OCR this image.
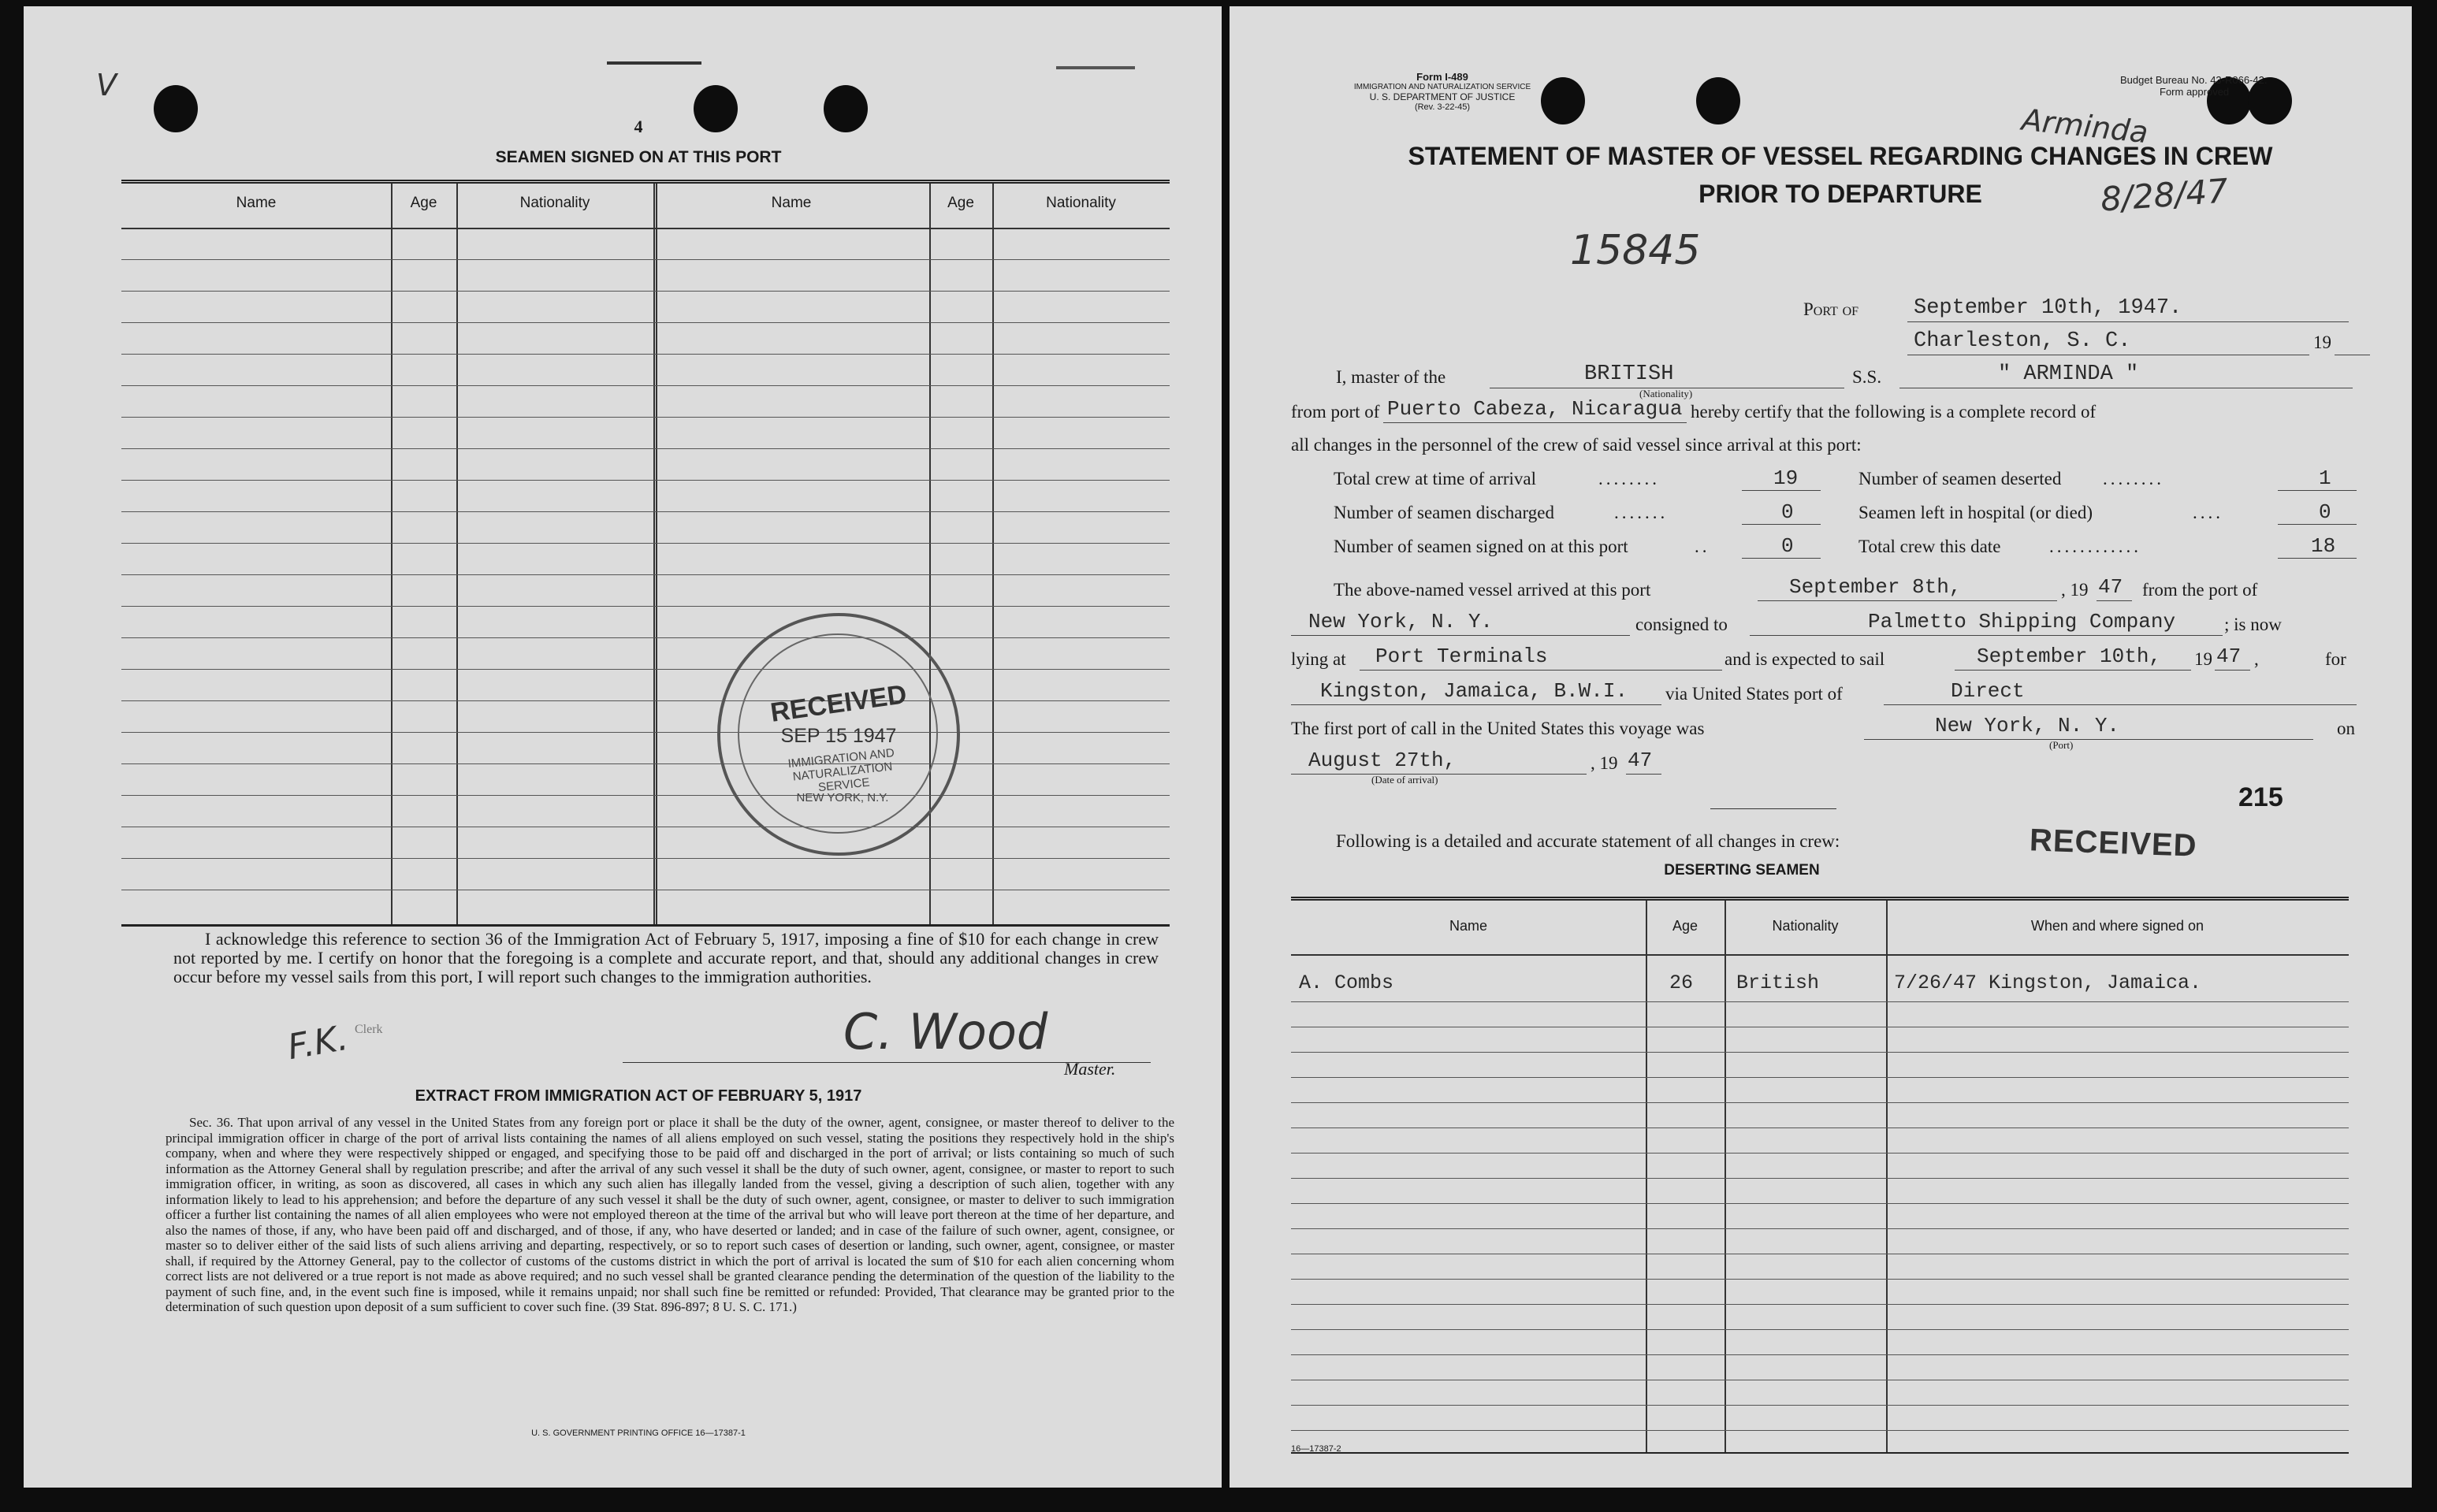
V
4
SEAMEN SIGNED ON AT THIS PORT
Name	Age	Nationality	Name	Age	Nationality
RECEIVED
SEP 15 1947
IMMIGRATION AND NATURALIZATION SERVICE
NEW YORK, N.Y.
I acknowledge this reference to section 36 of the Immigration Act of February 5, 1917, imposing a fine of $10 for each change in crew not reported by me. I certify on honor that the foregoing is a complete and accurate report, and that, should any additional changes in crew occur before my vessel sails from this port, I will report such changes to the immigration authorities.
F.K. Clerk	C. Wood
Master.
EXTRACT FROM IMMIGRATION ACT OF FEBRUARY 5, 1917
Sec. 36. That upon arrival of any vessel in the United States from any foreign port or place it shall be the duty of the owner, agent, consignee, or master thereof to deliver to the principal immigration officer in charge of the port of arrival lists containing the names of all aliens employed on such vessel, stating the positions they respectively hold in the ship's company, when and where they were respectively shipped or engaged, and specifying those to be paid off and discharged in the port of arrival; or lists containing so much of such information as the Attorney General shall by regulation prescribe; and after the arrival of any such vessel it shall be the duty of such owner, agent, consignee, or master to report to such immigration officer, in writing, as soon as discovered, all cases in which any such alien has illegally landed from the vessel, giving a description of such alien, together with any information likely to lead to his apprehension; and before the departure of any such vessel it shall be the duty of such owner, agent, consignee, or master to deliver to such immigration officer a further list containing the names of all alien employees who were not employed thereon at the time of the arrival but who will leave port thereon at the time of her departure, and also the names of those, if any, who have been paid off and discharged, and of those, if any, who have deserted or landed; and in case of the failure of such owner, agent, consignee, or master so to deliver either of the said lists of such aliens arriving and departing, respectively, or so to report such cases of desertion or landing, such owner, agent, consignee, or master shall, if required by the Attorney General, pay to the collector of customs of the customs district in which the port of arrival is located the sum of $10 for each alien concerning whom correct lists are not delivered or a true report is not made as above required; and no such vessel shall be granted clearance pending the determination of the question of the liability to the payment of such fine, and, in the event such fine is imposed, while it remains unpaid; nor shall such fine be remitted or refunded: Provided, That clearance may be granted prior to the determination of such question upon deposit of a sum sufficient to cover such fine. (39 Stat. 896-897; 8 U. S. C. 171.)
U. S. GOVERNMENT PRINTING OFFICE 16—17387-1
Form I-489
IMMIGRATION AND NATURALIZATION SERVICE
U. S. DEPARTMENT OF JUSTICE
(Rev. 3-22-45)
Budget Bureau No. 43-R066-42.
Form approved
Arminda
8/28/47
STATEMENT OF MASTER OF VESSEL REGARDING CHANGES IN CREW
PRIOR TO DEPARTURE
15845
Port of	September 10th, 1947.
Charleston, S. C.	19
I, master of the	BRITISH
(Nationality)
S.S.	" ARMINDA "
from port of Puerto Cabeza, Nicaragua hereby certify that the following is a complete record of
all changes in the personnel of the crew of said vessel since arrival at this port:
Total crew at time of arrival	........	19	Number of seamen deserted ........	1
Number of seamen discharged	.......	0	Seamen left in hospital (or died)	....	0
Number of seamen signed on at this port	..	0	Total crew this date	............	18
The above-named vessel arrived at this port	September 8th,	, 19 47 from the port of
New York, N. Y.	consigned to	Palmetto Shipping Company	; is now
lying at Port Terminals	and is expected to sail	September 10th, 19 47 ,	for
Kingston, Jamaica, B.W.I. via United States port of	Direct
The first port of call in the United States this voyage was	New York, N. Y.
(Port)
on
August 27th,
(Date of arrival)
, 19 47
215
Following is a detailed and accurate statement of all changes in crew:	RECEIVED
DESERTING SEAMEN
Name	Age	Nationality	When and where signed on
A. Combs	26 British	7/26/47 Kingston, Jamaica.
16—17387-2
